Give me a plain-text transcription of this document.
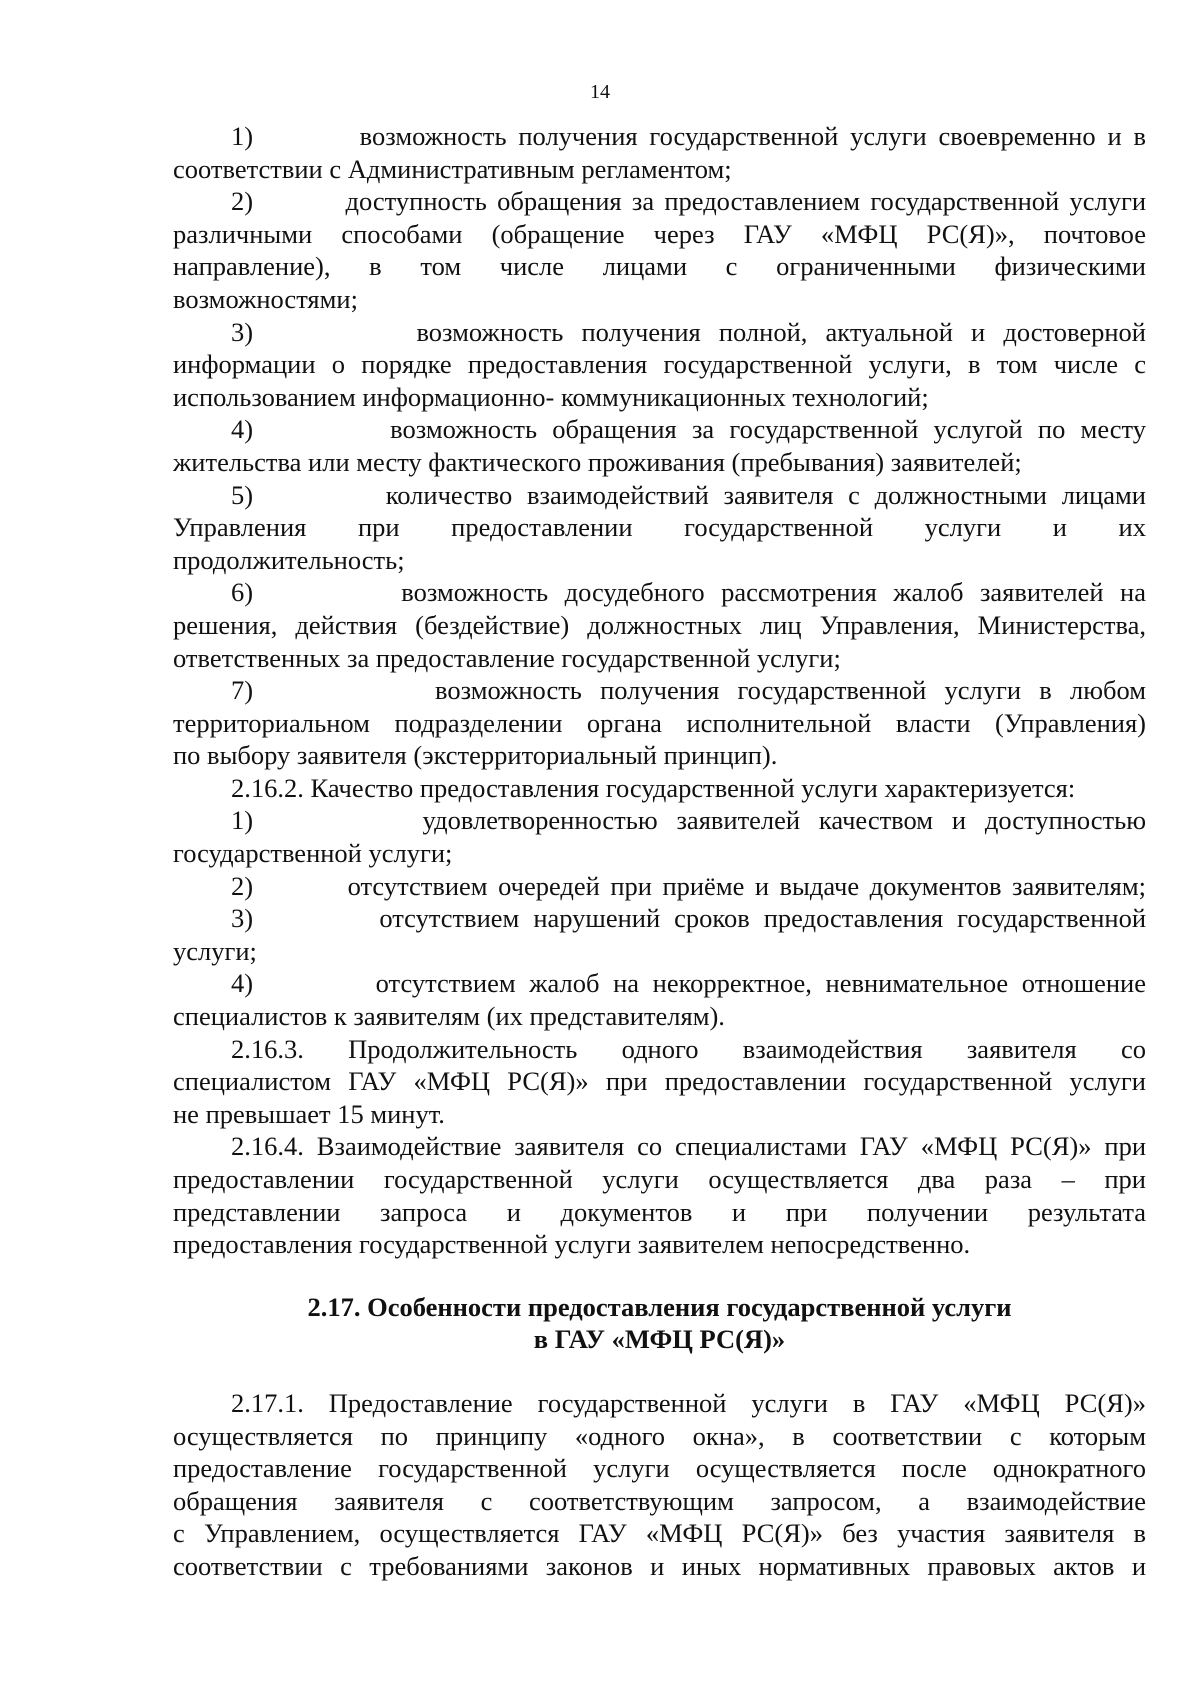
14
1)         возможность получения государственной услуги своевременно и в
соответствии с Административным регламентом;
2)         доступность обращения за предоставлением государственной услуги
различными способами (обращение через ГАУ «МФЦ РС(Я)», почтовое
направление), в том числе лицами с ограниченными физическими
возможностями;
3)         возможность получения полной, актуальной и достоверной
информации о порядке предоставления государственной услуги, в том числе с
использованием информационно- коммуникационных технологий;
4)         возможность обращения за государственной услугой по месту
жительства или месту фактического проживания (пребывания) заявителей;
5)         количество взаимодействий заявителя с должностными лицами
Управления при предоставлении государственной услуги и их
продолжительность;
6)         возможность досудебного рассмотрения жалоб заявителей на
решения, действия (бездействие) должностных лиц Управления, Министерства,
ответственных за предоставление государственной услуги;
7)          возможность получения государственной услуги в любом
территориальном подразделении органа исполнительной власти (Управления)
по выбору заявителя (экстерриториальный принцип).
2.16.2. Качество предоставления государственной услуги характеризуется:
1)         удовлетворенностью заявителей качеством и доступностью
государственной услуги;
2)         отсутствием очередей при приёме и выдаче документов заявителям;
3)         отсутствием нарушений сроков предоставления государственной
услуги;
4)         отсутствием жалоб на некорректное, невнимательное отношение
специалистов к заявителям (их представителям).
2.16.3. Продолжительность одного взаимодействия заявителя со
специалистом ГАУ «МФЦ РС(Я)» при предоставлении государственной услуги
не превышает 15 минут.
2.16.4. Взаимодействие заявителя со специалистами ГАУ «МФЦ РС(Я)» при
предоставлении государственной услуги осуществляется два раза – при
представлении запроса и документов и при получении результата
предоставления государственной услуги заявителем непосредственно.

2.17. Особенности предоставления государственной услуги

в ГАУ «МФЦ РС(Я)»

2.17.1. Предоставление государственной услуги в ГАУ «МФЦ РС(Я)»
осуществляется по принципу «одного окна», в соответствии с которым
предоставление государственной услуги осуществляется после однократного
обращения заявителя с соответствующим запросом, а взаимодействие
с Управлением, осуществляется ГАУ «МФЦ РС(Я)» без участия заявителя в
соответствии с требованиями законов и иных нормативных правовых актов и
